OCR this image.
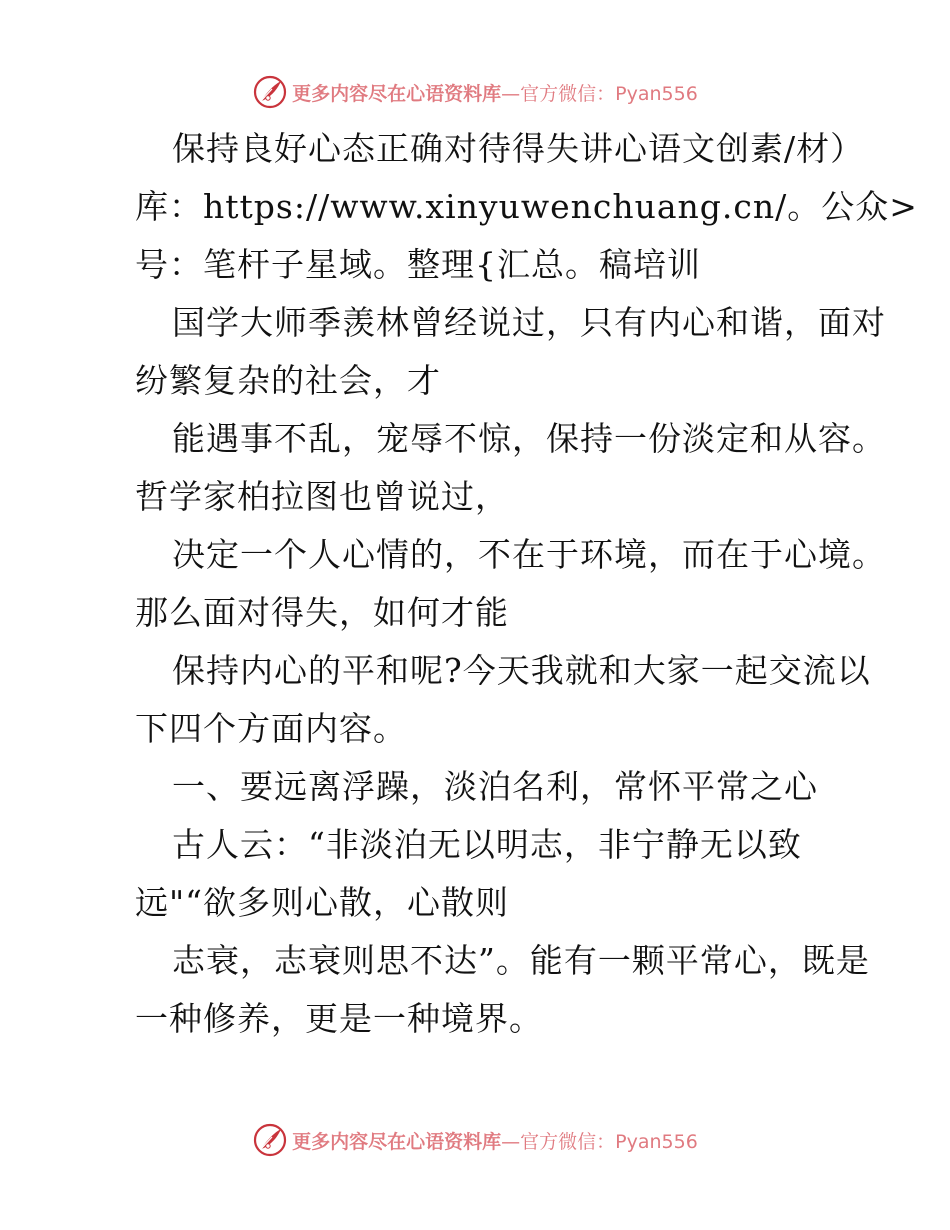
更多内容尽在心语资料库 —官方微信：Pyan556
保持良好心态正确对待得失讲心语文创素/材）
库：https://www.xinyuwenchuang.cn/。公众>
号：笔杆子星域。整理{汇总。稿培训
国学大师季羡林曾经说过，只有内心和谐，面对
纷繁复杂的社会，才
能遇事不乱，宠辱不惊，保持一份淡定和从容。
哲学家柏拉图也曾说过，
决定一个人心情的，不在于环境，而在于心境。
那么面对得失，如何才能
保持内心的平和呢?今天我就和大家一起交流以
下四个方面内容。
一、要远离浮躁，淡泊名利，常怀平常之心
古人云：“非淡泊无以明志，非宁静无以致
远"“欲多则心散，心散则
志衰，志衰则思不达”。能有一颗平常心，既是
一种修养，更是一种境界。
更多内容尽在心语资料库 —官方微信：Pyan556
